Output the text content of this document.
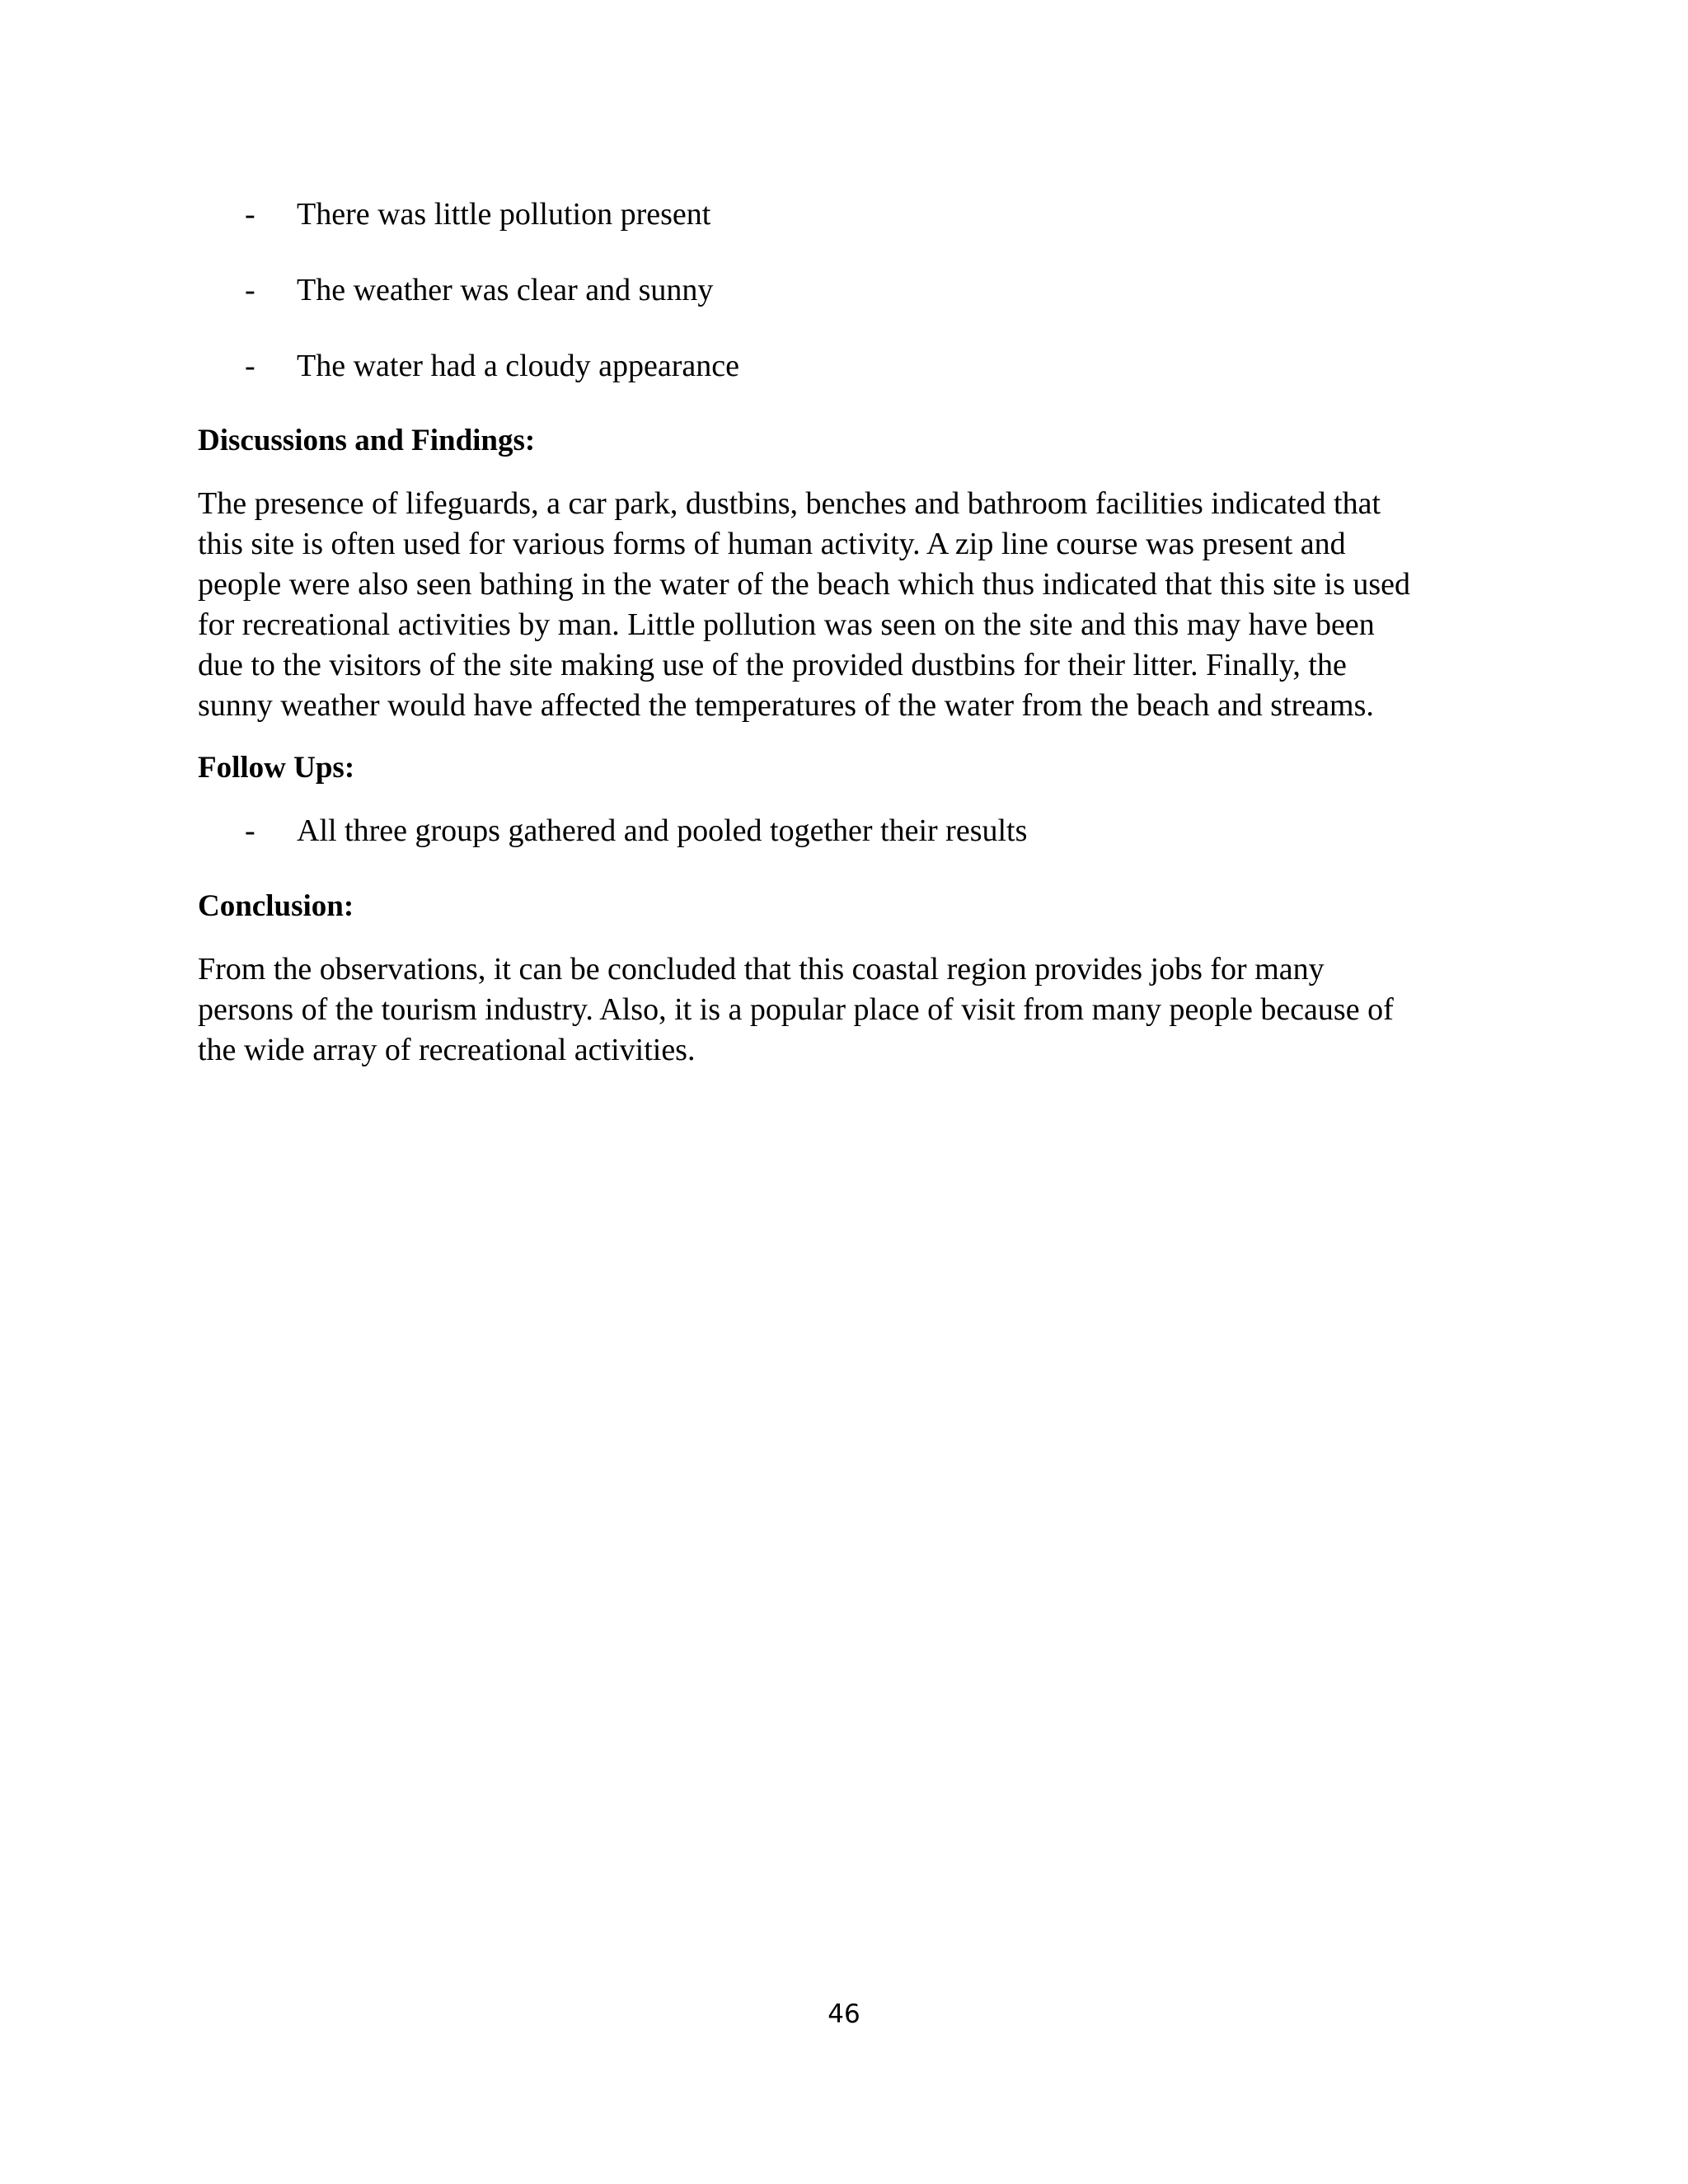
- There was little pollution present
- The weather was clear and sunny
- The water had a cloudy appearance
Discussions and Findings:
The presence of lifeguards, a car park, dustbins, benches and bathroom facilities indicated that
this site is often used for various forms of human activity. A zip line course was present and
people were also seen bathing in the water of the beach which thus indicated that this site is used
for recreational activities by man. Little pollution was seen on the site and this may have been
due to the visitors of the site making use of the provided dustbins for their litter. Finally, the
sunny weather would have affected the temperatures of the water from the beach and streams.
Follow Ups:
- All three groups gathered and pooled together their results
Conclusion:
From the observations, it can be concluded that this coastal region provides jobs for many
persons of the tourism industry. Also, it is a popular place of visit from many people because of
the wide array of recreational activities.
46
